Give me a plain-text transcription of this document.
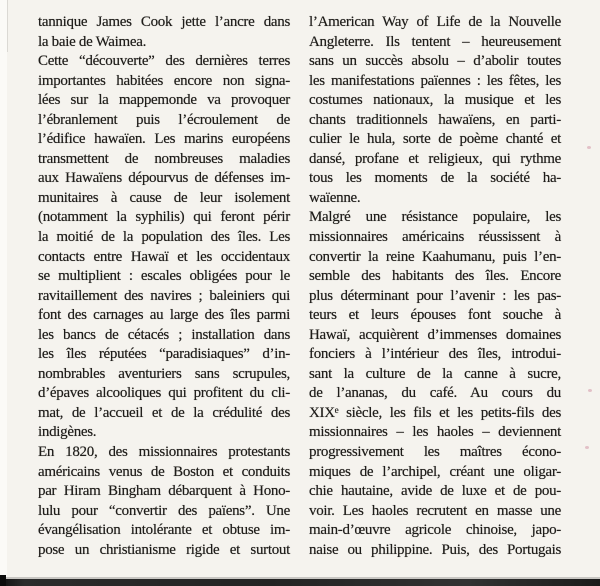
tannique James Cook jette l’ancre dans
la baie de Waimea.
Cette “découverte” des dernières terres
importantes habitées encore non signa-
lées sur la mappemonde va provoquer
l’ébranlement puis l’écroulement de
l’édifice hawaïen. Les marins européens
transmettent de nombreuses maladies
aux Hawaïens dépourvus de défenses im-
munitaires à cause de leur isolement
(notamment la syphilis) qui feront périr
la moitié de la population des îles. Les
contacts entre Hawaï et les occidentaux
se multiplient : escales obligées pour le
ravitaillement des navires ; baleiniers qui
font des carnages au large des îles parmi
les bancs de cétacés ; installation dans
les îles réputées “paradisiaques” d’in-
nombrables aventuriers sans scrupules,
d’épaves alcooliques qui profitent du cli-
mat, de l’accueil et de la crédulité des
indigènes.
En 1820, des missionnaires protestants
américains venus de Boston et conduits
par Hiram Bingham débarquent à Hono-
lulu pour “convertir des païens”. Une
évangélisation intolérante et obtuse im-
pose un christianisme rigide et surtout
l’American Way of Life de la Nouvelle
Angleterre. Ils tentent – heureusement
sans un succès absolu – d’abolir toutes
les manifestations païennes : les fêtes, les
costumes nationaux, la musique et les
chants traditionnels hawaïens, en parti-
culier le hula, sorte de poème chanté et
dansé, profane et religieux, qui rythme
tous les moments de la société ha-
waïenne.
Malgré une résistance populaire, les
missionnaires américains réussissent à
convertir la reine Kaahumanu, puis l’en-
semble des habitants des îles. Encore
plus déterminant pour l’avenir : les pas-
teurs et leurs épouses font souche à
Hawaï, acquièrent d’immenses domaines
fonciers à l’intérieur des îles, introdui-
sant la culture de la canne à sucre,
de l’ananas, du café. Au cours du
XIXᵉ siècle, les fils et les petits-fils des
missionnaires – les haoles – deviennent
progressivement les maîtres écono-
miques de l’archipel, créant une oligar-
chie hautaine, avide de luxe et de pou-
voir. Les haoles recrutent en masse une
main-d’œuvre agricole chinoise, japo-
naise ou philippine. Puis, des Portugais
